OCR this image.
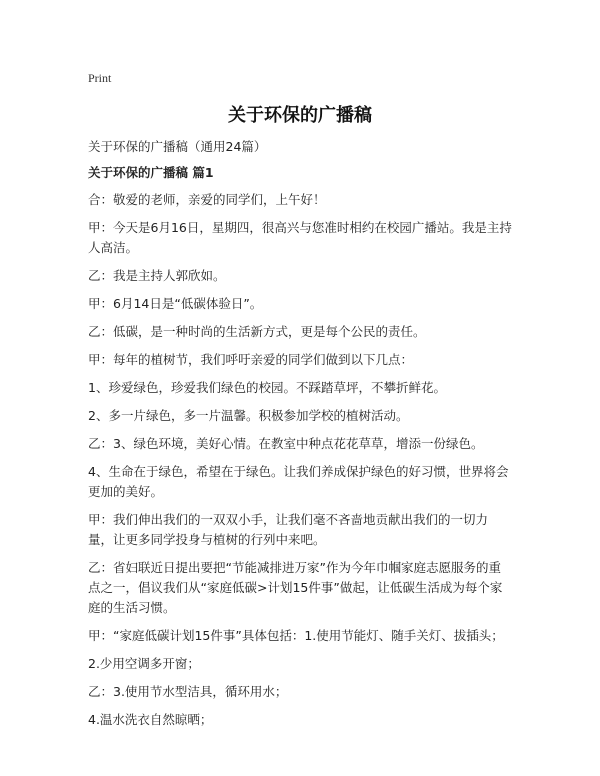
Print
关于环保的广播稿
关于环保的广播稿（通用24篇）
关于环保的广播稿 篇1
合：敬爱的老师，亲爱的同学们，上午好！
甲：今天是6月16日，星期四，很高兴与您准时相约在校园广播站。我是主持人高洁。
乙：我是主持人郭欣如。
甲：6月14日是“低碳体验日”。
乙：低碳，是一种时尚的生活新方式，更是每个公民的责任。
甲：每年的植树节，我们呼吁亲爱的同学们做到以下几点：
1、珍爱绿色，珍爱我们绿色的校园。不踩踏草坪，不攀折鲜花。
2、多一片绿色，多一片温馨。积极参加学校的植树活动。
乙：3、绿色环境，美好心情。在教室中种点花花草草，增添一份绿色。
4、生命在于绿色，希望在于绿色。让我们养成保护绿色的好习惯，世界将会更加的美好。
甲：我们伸出我们的一双双小手，让我们毫不吝啬地贡献出我们的一切力量，让更多同学投身与植树的行列中来吧。
乙：省妇联近日提出要把“节能减排进万家”作为今年巾帼家庭志愿服务的重点之一，倡议我们从“家庭低碳>计划15件事”做起，让低碳生活成为每个家庭的生活习惯。
甲：“家庭低碳计划15件事”具体包括：1.使用节能灯、随手关灯、拔插头；
2.少用空调多开窗；
乙：3.使用节水型洁具，循环用水；
4.温水洗衣自然晾晒；
